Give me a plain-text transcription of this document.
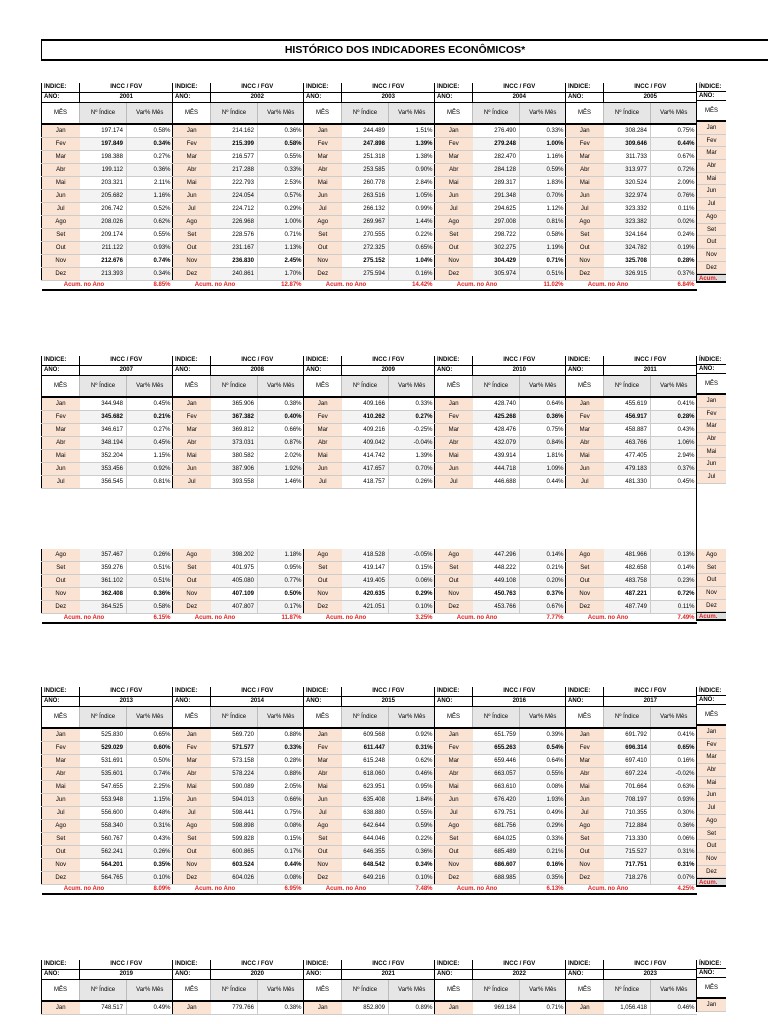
HISTÓRICO DOS INDICADORES ECONÔMICOS*
ÍNDICE:	INCC / FGV	
ANO:	2001	
MÊS	Nº Índice	Var% Mês
Jan	197.174	0.58%
Fev	197.849	0.34%
Mar	198.388	0.27%
Abr	199.112	0.36%
Mai	203.321	2.11%
Jun	205.682	1.16%
Jul	206.742	0.52%
Ago	208.026	0.62%
Set	209.174	0.55%
Out	211.122	0.93%
Nov	212.676	0.74%
Dez	213.393	0.34%
Acum. no Ano		8.85%
ÍNDICE:	INCC / FGV	
ANO:	2002	
MÊS	Nº Índice	Var% Mês
Jan	214.162	0.36%
Fev	215.399	0.58%
Mar	216.577	0.55%
Abr	217.288	0.33%
Mai	222.793	2.53%
Jun	224.054	0.57%
Jul	224.712	0.29%
Ago	226.968	1.00%
Set	228.576	0.71%
Out	231.167	1.13%
Nov	236.830	2.45%
Dez	240.861	1.70%
Acum. no Ano		12.87%
ÍNDICE:	INCC / FGV	
ANO:	2003	
MÊS	Nº Índice	Var% Mês
Jan	244.489	1.51%
Fev	247.898	1.39%
Mar	251.318	1.38%
Abr	253.585	0.90%
Mai	260.778	2.84%
Jun	263.516	1.05%
Jul	266.132	0.99%
Ago	269.967	1.44%
Set	270.555	0.22%
Out	272.325	0.65%
Nov	275.152	1.04%
Dez	275.594	0.16%
Acum. no Ano		14.42%
ÍNDICE:	INCC / FGV	
ANO:	2004	
MÊS	Nº Índice	Var% Mês
Jan	276.490	0.33%
Fev	279.248	1.00%
Mar	282.470	1.16%
Abr	284.128	0.59%
Mai	289.317	1.83%
Jun	291.348	0.70%
Jul	294.625	1.12%
Ago	297.008	0.81%
Set	298.722	0.58%
Out	302.275	1.19%
Nov	304.429	0.71%
Dez	305.974	0.51%
Acum. no Ano		11.02%
ÍNDICE:	INCC / FGV	
ANO:	2005	
MÊS	Nº Índice	Var% Mês
Jan	308.284	0.75%
Fev	309.646	0.44%
Mar	311.733	0.67%
Abr	313.977	0.72%
Mai	320.524	2.09%
Jun	322.974	0.76%
Jul	323.332	0.11%
Ago	323.382	0.02%
Set	324.164	0.24%
Out	324.782	0.19%
Nov	325.708	0.28%
Dez	326.915	0.37%
Acum. no Ano		6.84%
ÍNDICE:
ANO:
MÊS
Jan
Fev
Mar
Abr
Mai
Jun
Jul
Ago
Set
Out
Nov
Dez
Acum.
ÍNDICE:	INCC / FGV	
ANO:	2007	
MÊS	Nº Índice	Var% Mês
Jan	344.948	0.45%
Fev	345.682	0.21%
Mar	346.617	0.27%
Abr	348.194	0.45%
Mai	352.204	1.15%
Jun	353.456	0.92%
Jul	356.545	0.81%
Ago	357.467	0.26%
Set	359.276	0.51%
Out	361.102	0.51%
Nov	362.408	0.36%
Dez	364.525	0.58%
Acum. no Ano		6.15%
ÍNDICE:	INCC / FGV	
ANO:	2008	
MÊS	Nº Índice	Var% Mês
Jan	365.906	0.38%
Fev	367.382	0.40%
Mar	369.812	0.66%
Abr	373.031	0.87%
Mai	380.582	2.02%
Jun	387.906	1.92%
Jul	393.558	1.46%
Ago	398.202	1.18%
Set	401.975	0.95%
Out	405.080	0.77%
Nov	407.109	0.50%
Dez	407.807	0.17%
Acum. no Ano		11.87%
ÍNDICE:	INCC / FGV	
ANO:	2009	
MÊS	Nº Índice	Var% Mês
Jan	409.166	0.33%
Fev	410.262	0.27%
Mar	409.216	-0.25%
Abr	409.042	-0.04%
Mai	414.742	1.39%
Jun	417.657	0.70%
Jul	418.757	0.26%
Ago	418.528	-0.05%
Set	419.147	0.15%
Out	419.405	0.06%
Nov	420.635	0.29%
Dez	421.051	0.10%
Acum. no Ano		3.25%
ÍNDICE:	INCC / FGV	
ANO:	2010	
MÊS	Nº Índice	Var% Mês
Jan	428.740	0.64%
Fev	425.268	0.36%
Mar	428.476	0.75%
Abr	432.079	0.84%
Mai	439.914	1.81%
Jun	444.718	1.09%
Jul	446.688	0.44%
Ago	447.296	0.14%
Set	448.222	0.21%
Out	449.108	0.20%
Nov	450.763	0.37%
Dez	453.766	0.67%
Acum. no Ano		7.77%
ÍNDICE:	INCC / FGV	
ANO:	2011	
MÊS	Nº Índice	Var% Mês
Jan	455.619	0.41%
Fev	456.917	0.28%
Mar	458.887	0.43%
Abr	463.766	1.06%
Mai	477.405	2.94%
Jun	479.183	0.37%
Jul	481.330	0.45%
Ago	481.966	0.13%
Set	482.658	0.14%
Out	483.758	0.23%
Nov	487.221	0.72%
Dez	487.749	0.11%
Acum. no Ano		7.49%
ÍNDICE:
ANO:
MÊS
Jan
Fev
Mar
Abr
Mai
Jun
Jul
Ago
Set
Out
Nov
Dez
Acum.
ÍNDICE:	INCC / FGV	
ANO:	2013	
MÊS	Nº Índice	Var% Mês
Jan	525.830	0.65%
Fev	529.029	0.60%
Mar	531.691	0.50%
Abr	535.601	0.74%
Mai	547.655	2.25%
Jun	553.948	1.15%
Jul	556.600	0.48%
Ago	558.340	0.31%
Set	560.767	0.43%
Out	562.241	0.26%
Nov	564.201	0.35%
Dez	564.765	0.10%
Acum. no Ano		8.09%
ÍNDICE:	INCC / FGV	
ANO:	2014	
MÊS	Nº Índice	Var% Mês
Jan	569.720	0.88%
Fev	571.577	0.33%
Mar	573.158	0.28%
Abr	578.224	0.88%
Mai	590.089	2.05%
Jun	594.013	0.66%
Jul	598.441	0.75%
Ago	598.898	0.08%
Set	599.828	0.15%
Out	600.865	0.17%
Nov	603.524	0.44%
Dez	604.026	0.08%
Acum. no Ano		6.95%
ÍNDICE:	INCC / FGV	
ANO:	2015	
MÊS	Nº Índice	Var% Mês
Jan	609.568	0.92%
Fev	611.447	0.31%
Mar	615.248	0.62%
Abr	618.060	0.46%
Mai	623.951	0.95%
Jun	635.408	1.84%
Jul	638.880	0.55%
Ago	642.644	0.59%
Set	644.046	0.22%
Out	646.355	0.36%
Nov	648.542	0.34%
Dez	649.216	0.10%
Acum. no Ano		7.48%
ÍNDICE:	INCC / FGV	
ANO:	2016	
MÊS	Nº Índice	Var% Mês
Jan	651.759	0.39%
Fev	655.263	0.54%
Mar	659.446	0.64%
Abr	663.057	0.55%
Mai	663.610	0.08%
Jun	676.420	1.93%
Jul	679.751	0.49%
Ago	681.756	0.29%
Set	684.025	0.33%
Out	685.489	0.21%
Nov	686.607	0.16%
Dez	688.985	0.35%
Acum. no Ano		6.13%
ÍNDICE:	INCC / FGV	
ANO:	2017	
MÊS	Nº Índice	Var% Mês
Jan	691.792	0.41%
Fev	696.314	0.65%
Mar	697.410	0.16%
Abr	697.224	-0.02%
Mai	701.664	0.63%
Jun	708.197	0.93%
Jul	710.355	0.30%
Ago	712.884	0.36%
Set	713.330	0.06%
Out	715.527	0.31%
Nov	717.751	0.31%
Dez	718.276	0.07%
Acum. no Ano		4.25%
ÍNDICE:
ANO:
MÊS
Jan
Fev
Mar
Abr
Mai
Jun
Jul
Ago
Set
Out
Nov
Dez
Acum.
ÍNDICE:	INCC / FGV	
ANO:	2019	
MÊS	Nº Índice	Var% Mês
Jan	748.517	0.49%
ÍNDICE:	INCC / FGV	
ANO:	2020	
MÊS	Nº Índice	Var% Mês
Jan	779.766	0.38%
ÍNDICE:	INCC / FGV	
ANO:	2021	
MÊS	Nº Índice	Var% Mês
Jan	852.809	0.89%
ÍNDICE:	INCC / FGV	
ANO:	2022	
MÊS	Nº Índice	Var% Mês
Jan	969.184	0.71%
ÍNDICE:	INCC / FGV	
ANO:	2023	
MÊS	Nº Índice	Var% Mês
Jan	1,056.418	0.46%
ÍNDICE:
ANO:
MÊS
Jan
